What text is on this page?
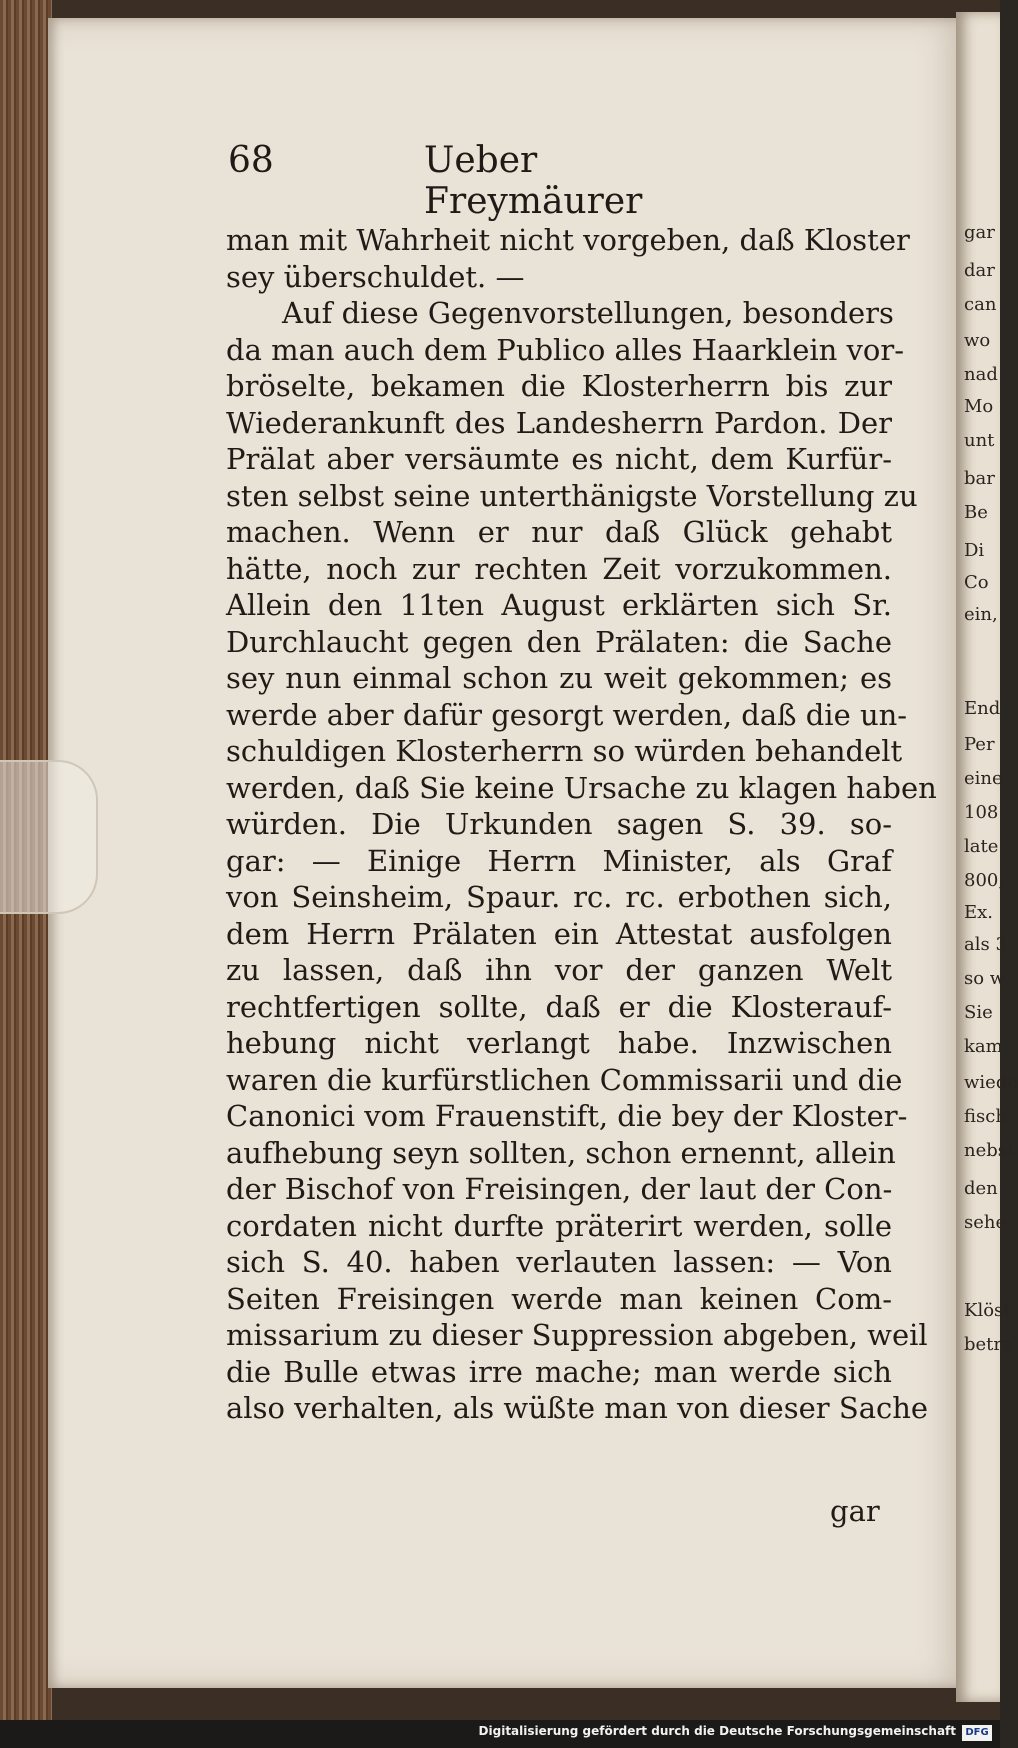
gar
dar
can
wo
nad
Mo
unt
bar
Be
Di
Co
ein,
End
Per
eine
108
late
800,
Ex.
als 3
so w
Sie
kam
wiede
fisch
nebst
den
sehe
Klöst
betra
68	Ueber Freymäurer
man mit Wahrheit nicht vorgeben, daß Kloster
sey überschuldet. —
Auf diese Gegenvorstellungen, besonders
da man auch dem Publico alles Haarklein vor-
bröselte, bekamen die Klosterherrn bis zur
Wiederankunft des Landesherrn Pardon. Der
Prälat aber versäumte es nicht, dem Kurfür-
sten selbst seine unterthänigste Vorstellung zu
machen. Wenn er nur daß Glück gehabt
hätte, noch zur rechten Zeit vorzukommen.
Allein den 11ten August erklärten sich Sr.
Durchlaucht gegen den Prälaten: die Sache
sey nun einmal schon zu weit gekommen; es
werde aber dafür gesorgt werden, daß die un-
schuldigen Klosterherrn so würden behandelt
werden, daß Sie keine Ursache zu klagen haben
würden. Die Urkunden sagen S. 39. so-
gar: — Einige Herrn Minister, als Graf
von Seinsheim, Spaur. rc. rc. erbothen sich,
dem Herrn Prälaten ein Attestat ausfolgen
zu lassen, daß ihn vor der ganzen Welt
rechtfertigen sollte, daß er die Klosterauf-
hebung nicht verlangt habe. Inzwischen
waren die kurfürstlichen Commissarii und die
Canonici vom Frauenstift, die bey der Kloster-
aufhebung seyn sollten, schon ernennt, allein
der Bischof von Freisingen, der laut der Con-
cordaten nicht durfte präterirt werden, solle
sich S. 40. haben verlauten lassen: — Von
Seiten Freisingen werde man keinen Com-
missarium zu dieser Suppression abgeben, weil
die Bulle etwas irre mache; man werde sich
also verhalten, als wüßte man von dieser Sache
gar
Digitalisierung gefördert durch die Deutsche Forschungsgemeinschaft DFG
